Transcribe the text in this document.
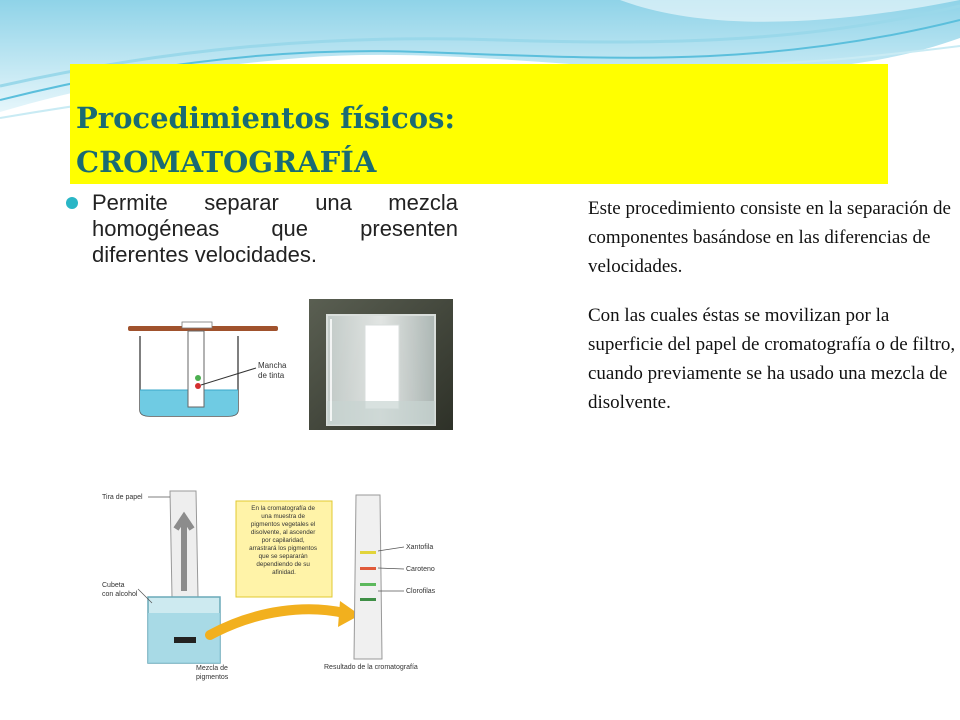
Procedimientos físicos:
CROMATOGRAFÍA

Permite separar una mezcla homogéneas que presenten diferentes velocidades.

Este procedimiento consiste en la separación de componentes basándose en las diferencias de velocidades.

Con las cuales éstas se movilizan por la superficie del papel de cromatografía o de filtro, cuando previamente se ha usado una mezcla de disolvente.

Mancha de tinta
Tira de papel
Cubeta con alcohol
Mezcla de pigmentos
En la cromatografía de una muestra de pigmentos vegetales el disolvente, al ascender por capilaridad, arrastrará los pigmentos que se separarán dependiendo de su afinidad.
Xantofila
Caroteno
Clorofilas
Resultado de la cromatografía
